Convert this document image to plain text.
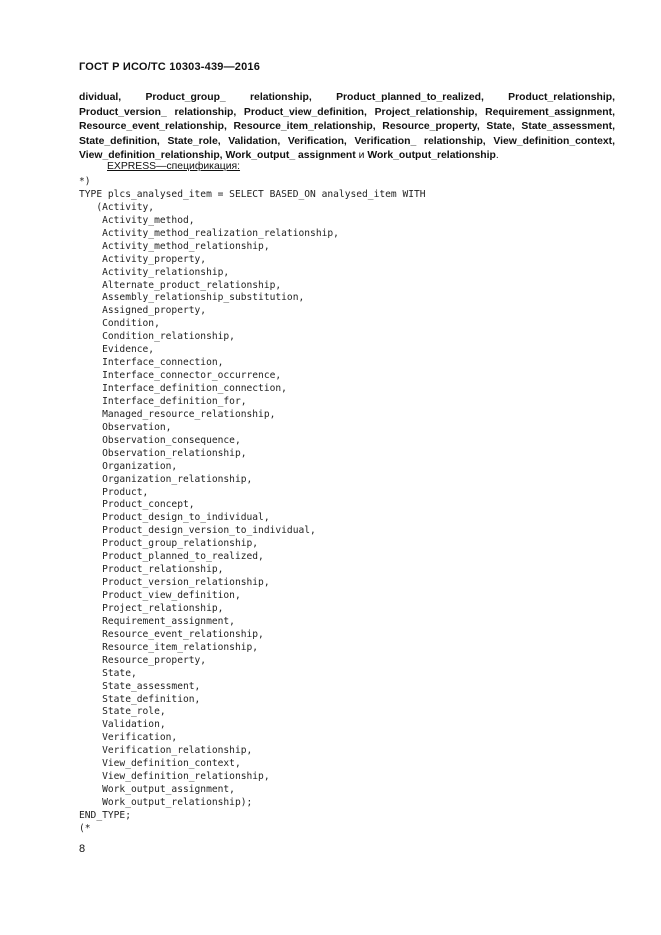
ГОСТ Р ИСО/ТС 10303-439—2016

dividual, Product_group_ relationship, Product_planned_to_realized, Product_relationship, Product_version_ relationship, Product_view_definition, Project_relationship, Requirement_assignment, Resource_event_relationship, Resource_item_relationship, Resource_property, State, State_assessment, State_definition, State_role, Validation, Verification, Verification_ relationship, View_definition_context, View_definition_relationship, Work_output_ assignment и Work_output_relationship.

EXPRESS—спецификация:
*)
TYPE plcs_analysed_item = SELECT BASED_ON analysed_item WITH
(Activity,
Activity_method,
Activity_method_realization_relationship,
Activity_method_relationship,
Activity_property,
Activity_relationship,
Alternate_product_relationship,
Assembly_relationship_substitution,
Assigned_property,
Condition,
Condition_relationship,
Evidence,
Interface_connection,
Interface_connector_occurrence,
Interface_definition_connection,
Interface_definition_for,
Managed_resource_relationship,
Observation,
Observation_consequence,
Observation_relationship,
Organization,
Organization_relationship,
Product,
Product_concept,
Product_design_to_individual,
Product_design_version_to_individual,
Product_group_relationship,
Product_planned_to_realized,
Product_relationship,
Product_version_relationship,
Product_view_definition,
Project_relationship,
Requirement_assignment,
Resource_event_relationship,
Resource_item_relationship,
Resource_property,
State,
State_assessment,
State_definition,
State_role,
Validation,
Verification,
Verification_relationship,
View_definition_context,
View_definition_relationship,
Work_output_assignment,
Work_output_relationship);
END_TYPE;
(*
8
